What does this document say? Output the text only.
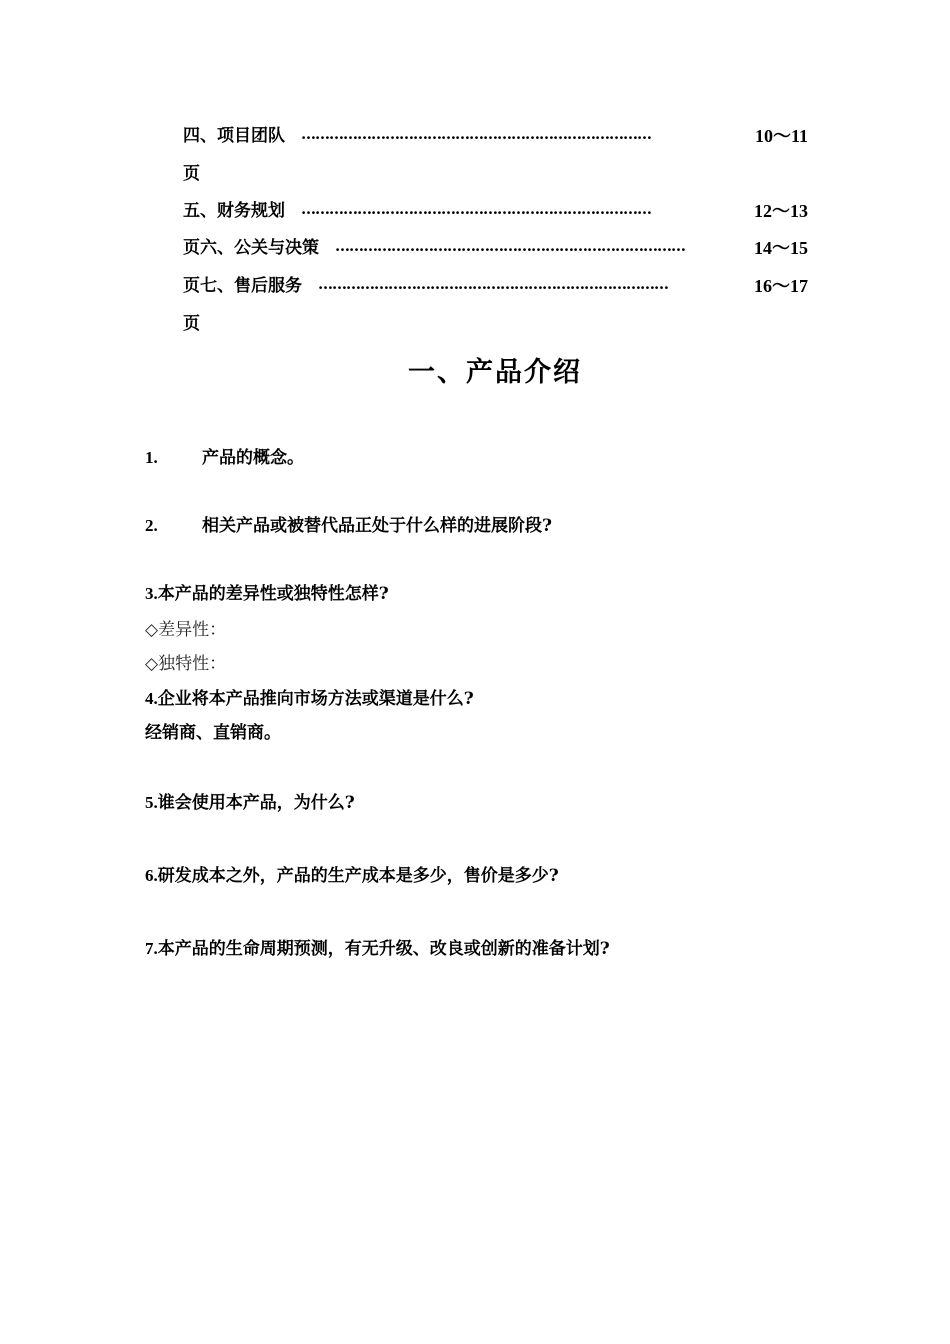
四、项目团队 …………………………………………………………………	10～11
页
五、财务规划 …………………………………………………………………	12～13
页六、公关与决策 …………………………………………………………………	14～15
页七、售后服务 …………………………………………………………………	16～17
页
一、产品介绍
1.	产品的概念。
2.	相关产品或被替代品正处于什么样的进展阶段?
3.本产品的差异性或独特性怎样?
◇差异性：
◇独特性：
4.企业将本产品推向市场方法或渠道是什么?
经销商、直销商。
5.谁会使用本产品，为什么?
6.研发成本之外，产品的生产成本是多少，售价是多少?
7.本产品的生命周期预测，有无升级、改良或创新的准备计划?
